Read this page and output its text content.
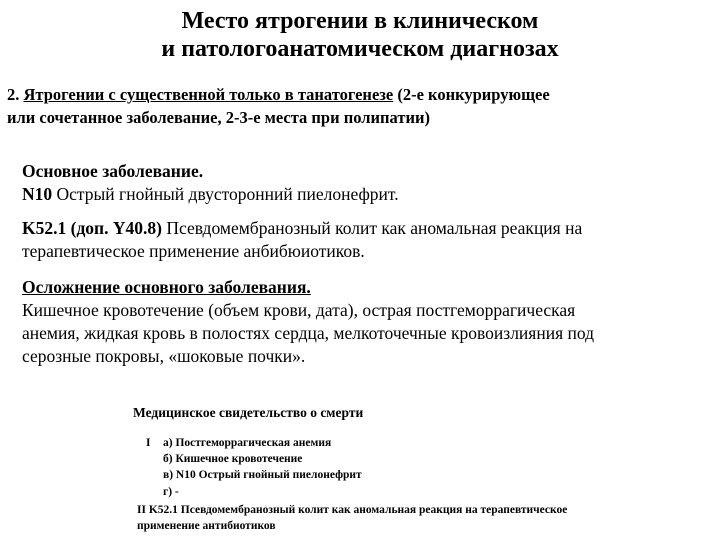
Место ятрогении в клиническом
и патологоанатомическом диагнозах
2. Ятрогении с существенной только в танатогенезе (2-е конкурирующее
или сочетанное заболевание, 2-3-е места при полипатии)
Основное заболевание.
N10 Острый гнойный двусторонний пиелонефрит.
K52.1 (доп. Y40.8) Псевдомембранозный колит как аномальная реакция на
терапевтическое применение анбибюиотиков.
Осложнение основного заболевания.
Кишечное кровотечение (объем крови, дата), острая постгеморрагическая
анемия, жидкая кровь в полостях сердца, мелкоточечные кровоизлияния под
серозные покровы, «шоковые почки».
Медицинское свидетельство о смерти
I а) Постгеморрагическая анемия
б) Кишечное кровотечение
в) N10 Острый гнойный пиелонефрит
г) -
II K52.1 Псевдомембранозный колит как аномальная реакция на терапевтическое
применение антибиотиков
